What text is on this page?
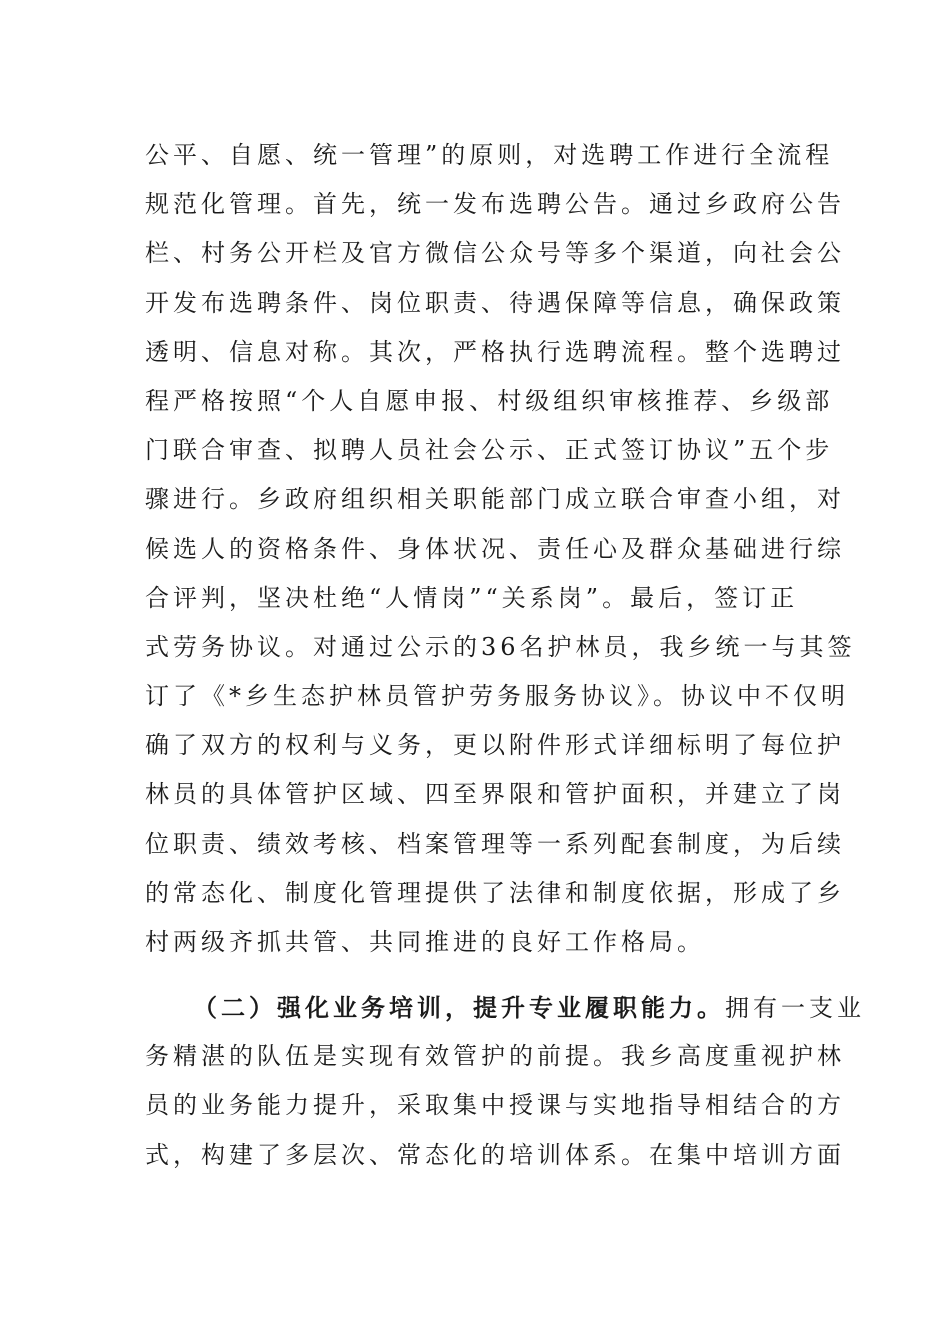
公平、自愿、统一管理”的原则，对选聘工作进行全流程
规范化管理。首先，统一发布选聘公告。通过乡政府公告
栏、村务公开栏及官方微信公众号等多个渠道，向社会公
开发布选聘条件、岗位职责、待遇保障等信息，确保政策
透明、信息对称。其次，严格执行选聘流程。整个选聘过
程严格按照“个人自愿申报、村级组织审核推荐、乡级部
门联合审查、拟聘人员社会公示、正式签订协议”五个步
骤进行。乡政府组织相关职能部门成立联合审查小组，对
候选人的资格条件、身体状况、责任心及群众基础进行综
合评判，坚决杜绝“人情岗”“关系岗”。最后，签订正
式劳务协议。对通过公示的36名护林员，我乡统一与其签
订了《*乡生态护林员管护劳务服务协议》。协议中不仅明
确了双方的权利与义务，更以附件形式详细标明了每位护
林员的具体管护区域、四至界限和管护面积，并建立了岗
位职责、绩效考核、档案管理等一系列配套制度，为后续
的常态化、制度化管理提供了法律和制度依据，形成了乡
村两级齐抓共管、共同推进的良好工作格局。
（二）强化业务培训，提升专业履职能力。拥有一支业
务精湛的队伍是实现有效管护的前提。我乡高度重视护林
员的业务能力提升，采取集中授课与实地指导相结合的方
式，构建了多层次、常态化的培训体系。在集中培训方面
